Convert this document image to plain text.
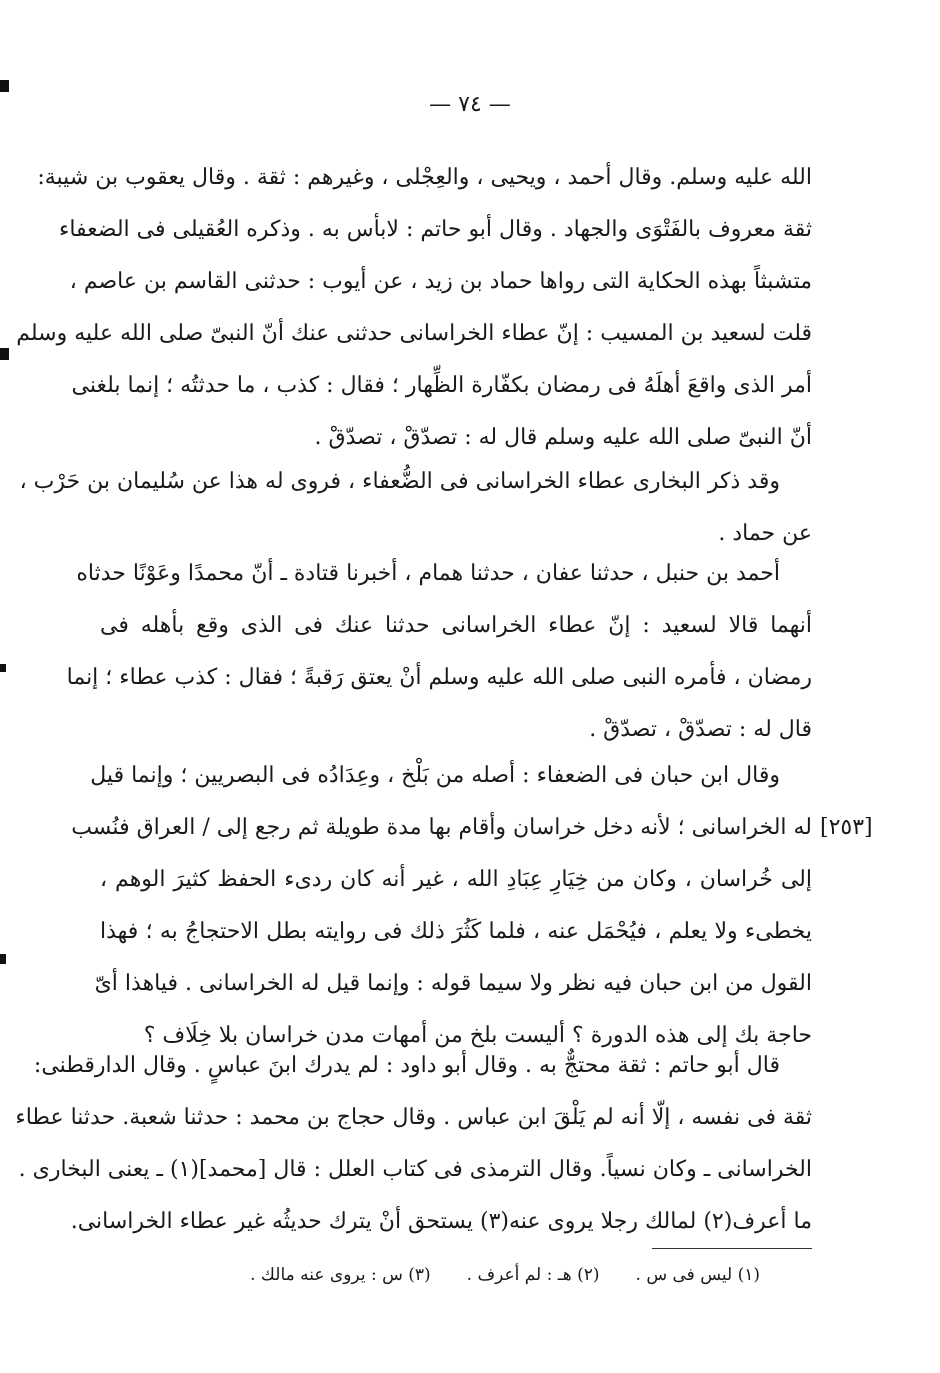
— ٧٤ —
الله عليه وسلم. وقال أحمد ، ويحيى ، والعِجْلى ، وغيرهم : ثقة . وقال يعقوب بن شيبة:
ثقة معروف بالفَتْوَى والجهاد . وقال أبو حاتم : لابأس به . وذكره العُقيلى فى الضعفاء
متشبثاً بهذه الحكاية التى رواها حماد بن زيد ، عن أيوب : حدثنى القاسم بن عاصم ،
قلت لسعيد بن المسيب : إنّ عطاء الخراسانى حدثنى عنك أنّ النبىّ صلى الله عليه وسلم
أمر الذى واقعَ أهلَهُ فى رمضان بكفّارة الظِّهار ؛ فقال : كذب ، ما حدثتُه ؛ إنما بلغنى
أنّ النبىّ صلى الله عليه وسلم قال له : تصدّقْ ، تصدّقْ .
وقد ذكر البخارى عطاء الخراسانى فى الضُّعفاء ، فروى له هذا عن سُليمان بن حَرْب ،
عن حماد .
أحمد بن حنبل ، حدثنا عفان ، حدثنا همام ، أخبرنا قتادة ـ أنّ محمدًا وعَوْنًا حدثاه
أنهما قالا لسعيد : إنّ عطاء الخراسانى حدثنا عنك فى الذى وقع بأهله فى
رمضان ، فأمره النبى صلى الله عليه وسلم أنْ يعتق رَقبةً ؛ فقال : كذب عطاء ؛ إنما
قال له : تصدّقْ ، تصدّقْ .
وقال ابن حبان فى الضعفاء : أصله من بَلْخ ، وعِدَادُه فى البصريين ؛ وإنما قيل
له الخراسانى ؛ لأنه دخل خراسان وأقام بها مدة طويلة ثم رجع إلى / العراق فنُسب
إلى خُراسان ، وكان من خِيَارِ عِبَادِ الله ، غير أنه كان ردىء الحفظ كثيرَ الوهم ،
يخطىء ولا يعلم ، فيُحْمَل عنه ، فلما كَثُرَ ذلك فى روايته بطل الاحتجاجُ به ؛ فهذا
القول من ابن حبان فيه نظر ولا سيما قوله : وإنما قيل له الخراسانى . فياهذا أىّ
حاجة بك إلى هذه الدورة ؟ أليست بلخ من أمهات مدن خراسان بلا خِلَاف ؟
قال أبو حاتم : ثقة محتجٌّ به . وقال أبو داود : لم يدرك ابنَ عباسٍ . وقال الدارقطنى:
ثقة فى نفسه ، إلّا أنه لم يَلْقَ ابن عباس . وقال حجاج بن محمد : حدثنا شعبة. حدثنا عطاء
الخراسانى ـ وكان نسياً. وقال الترمذى فى كتاب العلل : قال [محمد](١) ـ يعنى البخارى .
ما أعرف(٢) لمالك رجلا يروى عنه(٣) يستحق أنْ يترك حديثُه غير عطاء الخراسانى.
[٢٥٣]
(١) ليس فى س .
(٢) هـ : لم أعرف .
(٣) س : يروى عنه مالك .
